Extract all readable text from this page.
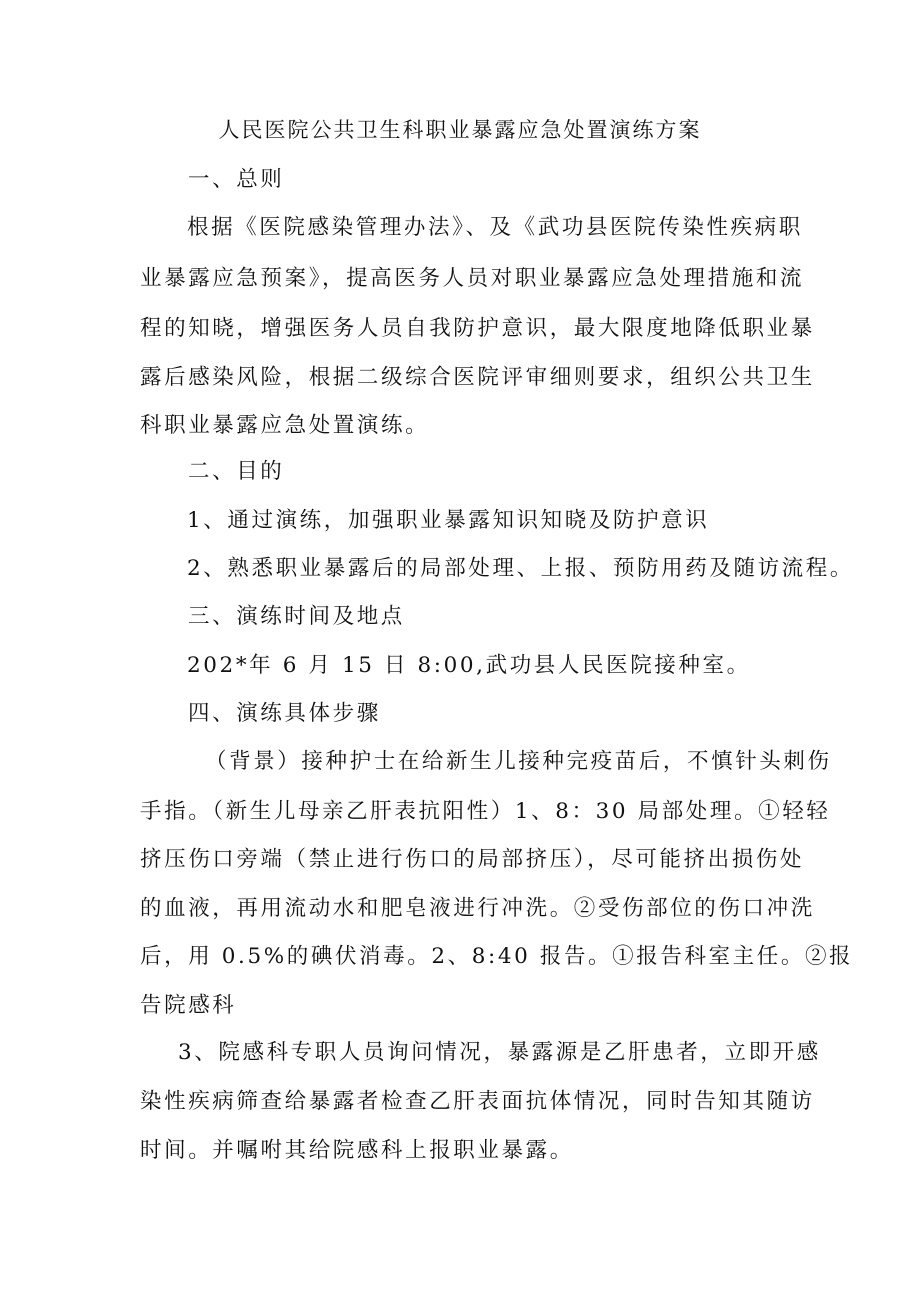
人民医院公共卫生科职业暴露应急处置演练方案
一、总则
根据《医院感染管理办法》、及《武功县医院传染性疾病职
业暴露应急预案》，提高医务人员对职业暴露应急处理措施和流
程的知晓，增强医务人员自我防护意识，最大限度地降低职业暴
露后感染风险，根据二级综合医院评审细则要求，组织公共卫生
科职业暴露应急处置演练。
二、目的
1、通过演练，加强职业暴露知识知晓及防护意识
2、熟悉职业暴露后的局部处理、上报、预防用药及随访流程。
三、演练时间及地点
202*年 6 月 15 日 8:00,武功县人民医院接种室。
四、演练具体步骤
（背景）接种护士在给新生儿接种完疫苗后，不慎针头刺伤
手指。（新生儿母亲乙肝表抗阳性）1、8：30 局部处理。①轻轻
挤压伤口旁端（禁止进行伤口的局部挤压），尽可能挤出损伤处
的血液，再用流动水和肥皂液进行冲洗。②受伤部位的伤口冲洗
后，用 0.5%的碘伏消毒。2、8:40 报告。①报告科室主任。②报
告院感科
3、院感科专职人员询问情况，暴露源是乙肝患者，立即开感
染性疾病筛查给暴露者检查乙肝表面抗体情况，同时告知其随访
时间。并嘱咐其给院感科上报职业暴露。
